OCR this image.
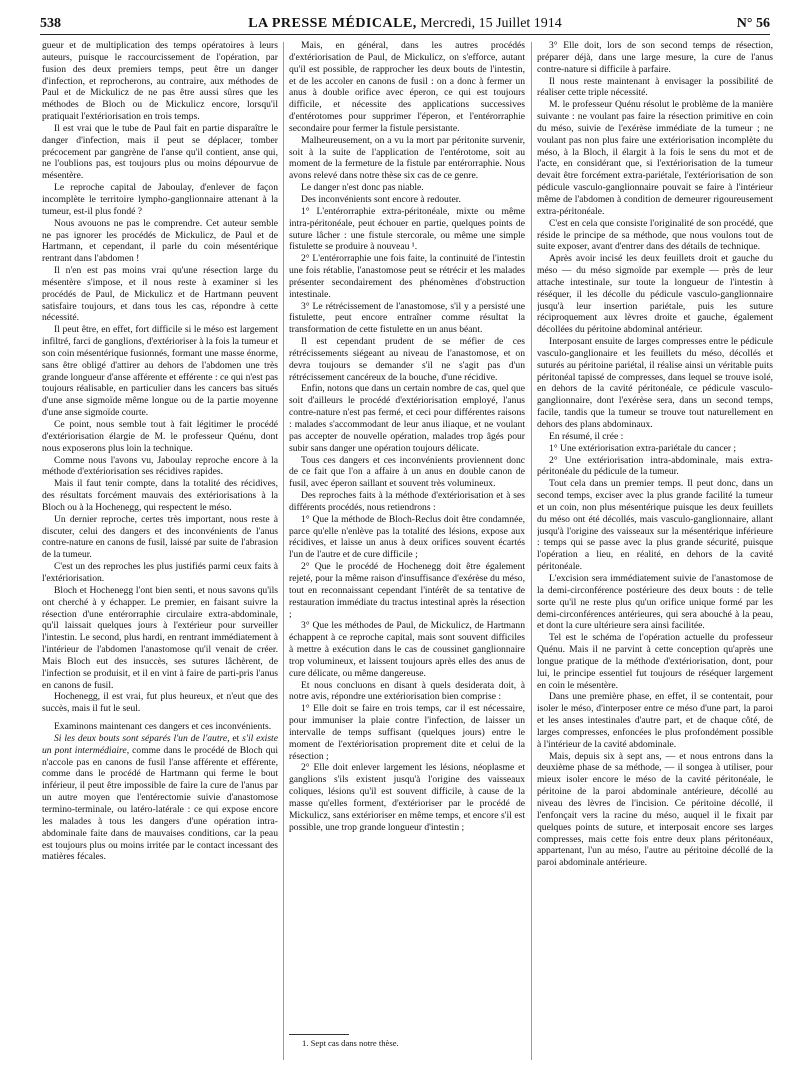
538	LA PRESSE MÉDICALE, Mercredi, 15 Juillet 1914	N° 56

gueur et de multiplication des temps opératoires à leurs auteurs, puisque le raccourcissement de l'opération, par fusion des deux premiers temps, peut être un danger d'infection, et reprocherons, au contraire, aux méthodes de Paul et de Mickulicz de ne pas être aussi sûres que les méthodes de Bloch ou de Mickulicz encore, lorsqu'il pratiquait l'extériorisation en trois temps.

Il est vrai que le tube de Paul fait en partie disparaître le danger d'infection, mais il peut se déplacer, tomber précocement par gangrène de l'anse qu'il contient, anse qui, ne l'oublions pas, est toujours plus ou moins dépourvue de mésentère.

Le reproche capital de Jaboulay, d'enlever de façon incomplète le territoire lympho-ganglionnaire attenant à la tumeur, est-il plus fondé ?

Nous avouons ne pas le comprendre. Cet auteur semble ne pas ignorer les procédés de Mickulicz, de Paul et de Hartmann, et cependant, il parle du coin mésentérique rentrant dans l'abdomen !

Il n'en est pas moins vrai qu'une résection large du mésentère s'impose, et il nous reste à examiner si les procédés de Paul, de Mickulicz et de Hartmann peuvent satisfaire toujours, et dans tous les cas, répondre à cette nécessité.

Il peut être, en effet, fort difficile si le méso est largement infiltré, farci de ganglions, d'extérioriser à la fois la tumeur et son coin mésentérique fusionnés, formant une masse énorme, sans être obligé d'attirer au dehors de l'abdomen une très grande longueur d'anse afférente et efférente : ce qui n'est pas toujours réalisable, en particulier dans les cancers bas situés d'une anse sigmoïde même longue ou de la partie moyenne d'une anse sigmoïde courte.

Ce point, nous semble tout à fait légitimer le procédé d'extériorisation élargie de M. le professeur Quénu, dont nous exposerons plus loin la technique.

Comme nous l'avons vu, Jaboulay reproche encore à la méthode d'extériorisation ses récidives rapides.

Mais il faut tenir compte, dans la totalité des récidives, des résultats forcément mauvais des extériorisations à la Bloch ou à la Hochenegg, qui respectent le méso.

Un dernier reproche, certes très important, nous reste à discuter, celui des dangers et des inconvénients de l'anus contre-nature en canons de fusil, laissé par suite de l'abrasion de la tumeur.

C'est un des reproches les plus justifiés parmi ceux faits à l'extériorisation.

Bloch et Hochenegg l'ont bien senti, et nous savons qu'ils ont cherché à y échapper. Le premier, en faisant suivre la résection d'une entérorraphie circulaire extra-abdominale, qu'il laissait quelques jours à l'extérieur pour surveiller l'intestin. Le second, plus hardi, en rentrant immédiatement à l'intérieur de l'abdomen l'anastomose qu'il venait de créer. Mais Bloch eut des insuccès, ses sutures lâchèrent, de l'infection se produisit, et il en vint à faire de parti-pris l'anus en canons de fusil.

Hochenegg, il est vrai, fut plus heureux, et n'eut que des succès, mais il fut le seul.

Examinons maintenant ces dangers et ces inconvénients.

Si les deux bouts sont séparés l'un de l'autre, et s'il existe un pont intermédiaire, comme dans le procédé de Bloch qui n'accole pas en canons de fusil l'anse afférente et efférente, comme dans le procédé de Hartmann qui ferme le bout inférieur, il peut être impossible de faire la cure de l'anus par un autre moyen que l'entérectomie suivie d'anastomose termino-terminale, ou latéro-latérale : ce qui expose encore les malades à tous les dangers d'une opération intra-abdominale faite dans de mauvaises conditions, car la peau est toujours plus ou moins irritée par le contact incessant des matières fécales.

Mais, en général, dans les autres procédés d'extériorisation de Paul, de Mickulicz, on s'efforce, autant qu'il est possible, de rapprocher les deux bouts de l'intestin, et de les accoler en canons de fusil : on a donc à fermer un anus à double orifice avec éperon, ce qui est toujours difficile, et nécessite des applications successives d'entérotomes pour supprimer l'éperon, et l'entérorraphie secondaire pour fermer la fistule persistante.

Malheureusement, on a vu la mort par péritonite survenir, soit à la suite de l'application de l'entérotome, soit au moment de la fermeture de la fistule par entérorraphie. Nous avons relevé dans notre thèse six cas de ce genre.

Le danger n'est donc pas niable.

Des inconvénients sont encore à redouter.

1° L'entérorraphie extra-péritonéale, mixte ou même intra-péritonéale, peut échouer en partie, quelques points de suture lâcher : une fistule stercorale, ou même une simple fistulette se produire à nouveau ¹.

2° L'entérorraphie une fois faite, la continuité de l'intestin une fois rétablie, l'anastomose peut se rétrécir et les malades présenter secondairement des phénomènes d'obstruction intestinale.

3° Le rétrécissement de l'anastomose, s'il y a persisté une fistulette, peut encore entraîner comme résultat la transformation de cette fistulette en un anus béant.

Il est cependant prudent de se méfier de ces rétrécissements siégeant au niveau de l'anastomose, et on devra toujours se demander s'il ne s'agit pas d'un rétrécissement cancéreux de la bouche, d'une récidive.

Enfin, notons que dans un certain nombre de cas, quel que soit d'ailleurs le procédé d'extériorisation employé, l'anus contre-nature n'est pas fermé, et ceci pour différentes raisons : malades s'accommodant de leur anus iliaque, et ne voulant pas accepter de nouvelle opération, malades trop âgés pour subir sans danger une opération toujours délicate.

Tous ces dangers et ces inconvénients proviennent donc de ce fait que l'on a affaire à un anus en double canon de fusil, avec éperon saillant et souvent très volumineux.

Des reproches faits à la méthode d'extériorisation et à ses différents procédés, nous retiendrons :

1° Que la méthode de Bloch-Reclus doit être condamnée, parce qu'elle n'enlève pas la totalité des lésions, expose aux récidives, et laisse un anus à deux orifices souvent écartés l'un de l'autre et de cure difficile ;

2° Que le procédé de Hochenegg doit être également rejeté, pour la même raison d'insuffisance d'exérèse du méso, tout en reconnaissant cependant l'intérêt de sa tentative de restauration immédiate du tractus intestinal après la résection ;

3° Que les méthodes de Paul, de Mickulicz, de Hartmann échappent à ce reproche capital, mais sont souvent difficiles à mettre à exécution dans le cas de coussinet ganglionnaire trop volumineux, et laissent toujours après elles des anus de cure délicate, ou même dangereuse.

Et nous concluons en disant à quels desiderata doit, à notre avis, répondre une extériorisation bien comprise :

1° Elle doit se faire en trois temps, car il est nécessaire, pour immuniser la plaie contre l'infection, de laisser un intervalle de temps suffisant (quelques jours) entre le moment de l'extériorisation proprement dite et celui de la résection ;

2° Elle doit enlever largement les lésions, néoplasme et ganglions s'ils existent jusqu'à l'origine des vaisseaux coliques, lésions qu'il est souvent difficile, à cause de la masse qu'elles forment, d'extérioriser par le procédé de Mickulicz, sans extérioriser en même temps, et encore s'il est possible, une trop grande longueur d'intestin ;

3° Elle doit, lors de son second temps de résection, préparer déjà, dans une large mesure, la cure de l'anus contre-nature si difficile à parfaire.

Il nous reste maintenant à envisager la possibilité de réaliser cette triple nécessité.

M. le professeur Quénu résolut le problème de la manière suivante : ne voulant pas faire la résection primitive en coin du méso, suivie de l'exérèse immédiate de la tumeur ; ne voulant pas non plus faire une extériorisation incomplète du méso, à la Bloch, il élargit à la fois le sens du mot et de l'acte, en considérant que, si l'extériorisation de la tumeur devait être forcément extra-pariétale, l'extériorisation de son pédicule vasculo-ganglionnaire pouvait se faire à l'intérieur même de l'abdomen à condition de demeurer rigoureusement extra-péritonéale.

C'est en cela que consiste l'originalité de son procédé, que réside le principe de sa méthode, que nous voulons tout de suite exposer, avant d'entrer dans des détails de technique.

Après avoir incisé les deux feuillets droit et gauche du méso — du méso sigmoïde par exemple — près de leur attache intestinale, sur toute la longueur de l'intestin à réséquer, il les décolle du pédicule vasculo-ganglionnaire jusqu'à leur insertion pariétale, puis les suture réciproquement aux lèvres droite et gauche, également décollées du péritoine abdominal antérieur.

Interposant ensuite de larges compresses entre le pédicule vasculo-ganglionaire et les feuillets du méso, décollés et suturés au péritoine pariétal, il réalise ainsi un véritable puits péritonéal tapissé de compresses, dans lequel se trouve isolé, en dehors de la cavité péritonéale, ce pédicule vasculo-ganglionnaire, dont l'exérèse sera, dans un second temps, facile, tandis que la tumeur se trouve tout naturellement en dehors des plans abdominaux.

En résumé, il crée :

1° Une extériorisation extra-pariétale du cancer ;

2° Une extériorisation intra-abdominale, mais extra-péritonéale du pédicule de la tumeur.

Tout cela dans un premier temps. Il peut donc, dans un second temps, exciser avec la plus grande facilité la tumeur et un coin, non plus mésentérique puisque les deux feuillets du méso ont été décollés, mais vasculo-ganglionnaire, allant jusqu'à l'origine des vaisseaux sur la mésentérique inférieure : temps qui se passe avec la plus grande sécurité, puisque l'opération a lieu, en réalité, en dehors de la cavité péritonéale.

L'excision sera immédiatement suivie de l'anastomose de la demi-circonférence postérieure des deux bouts : de telle sorte qu'il ne reste plus qu'un orifice unique formé par les demi-circonférences antérieures, qui sera abouché à la peau, et dont la cure ultérieure sera ainsi facilitée.

Tel est le schéma de l'opération actuelle du professeur Quénu. Mais il ne parvint à cette conception qu'après une longue pratique de la méthode d'extériorisation, dont, pour lui, le principe essentiel fut toujours de réséquer largement en coin le mésentère.

Dans une première phase, en effet, il se contentait, pour isoler le méso, d'interposer entre ce méso d'une part, la paroi et les anses intestinales d'autre part, et de chaque côté, de larges compresses, enfoncées le plus profondément possible à l'intérieur de la cavité abdominale.

Mais, depuis six à sept ans, — et nous entrons dans la deuxième phase de sa méthode, — il songea à utiliser, pour mieux isoler encore le méso de la cavité péritonéale, le péritoine de la paroi abdominale antérieure, décollé au niveau des lèvres de l'incision. Ce péritoine décollé, il l'enfonçait vers la racine du méso, auquel il le fixait par quelques points de suture, et interposait encore ses larges compresses, mais cette fois entre deux plans péritonéaux, appartenant, l'un au méso, l'autre au péritoine décollé de la paroi abdominale antérieure.

1. Sept cas dans notre thèse.
